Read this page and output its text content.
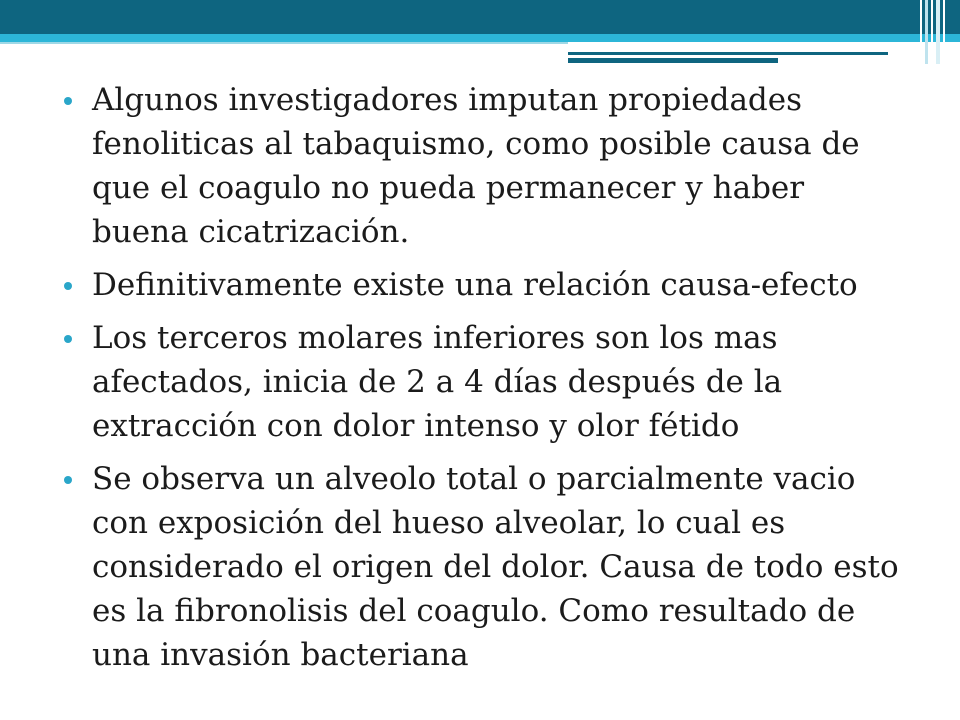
Algunos investigadores imputan propiedades fenoliticas al tabaquismo, como posible causa de que el coagulo no pueda permanecer y haber buena cicatrización.
Definitivamente existe una relación causa-efecto
Los terceros molares inferiores son los mas afectados, inicia de 2 a 4 días después de la extracción con dolor intenso y olor fétido
Se observa un alveolo total o parcialmente vacio con exposición del hueso alveolar, lo cual es considerado el origen del dolor. Causa de todo esto es la fibronolisis del coagulo. Como resultado de una invasión bacteriana
